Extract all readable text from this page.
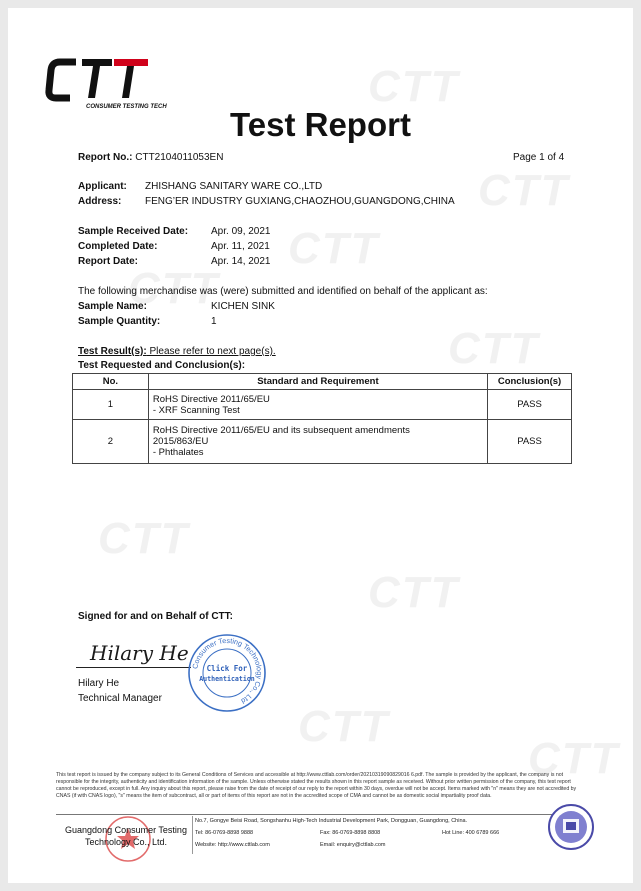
CTT
CTT
CTT
CTT
CTT
CTT
CTT
CTT
CTT
CONSUMER TESTING TECH	Test Report
Report No.: CTT2104011053EN	Page 1 of 4
Applicant: ZHISHANG SANITARY WARE CO.,LTD
Address: FENG’ER INDUSTRY GUXIANG,CHAOZHOU,GUANGDONG,CHINA
Sample Received Date: Apr. 09, 2021
Completed Date:	Apr. 11, 2021
Report Date:	Apr. 14, 2021
The following merchandise was (were) submitted and identified on behalf of the applicant as:
Sample Name:	KICHEN SINK
Sample Quantity:	1
Test Result(s): Please refer to next page(s).
Test Requested and Conclusion(s):
No.	Standard and Requirement	Conclusion(s)
1	RoHS Directive 2011/65/EU
- XRF Scanning Test	PASS
2	RoHS Directive 2011/65/EU and its subsequent amendments
2015/863/EU
- Phthalates	PASS
Signed for and on Behalf of CTT:
Hilary He
Consumer Testing Technology Co., Ltd
Click For
Authentication
Hilary He
Technical Manager
This test report is issued by the company subject to its General Conditions of Services and accessible at http://www.cttlab.com/order/20210319090829016 6.pdf. The sample is provided by the applicant, the company is not responsible for the integrity, authenticity and identification information of the sample. Unless otherwise stated the results shown in this report sample as received. Without prior written permission of the company, this test report cannot be reproduced, except in full. Any inquiry about this report, please raise from the date of receipt of our reply to the report within 30 days, overdue will not be accept. Items marked with "n" means they are not accredited by CNAS (if with CNAS logo), "s" means the item of subcontract, all or part of items of this report are not in the accredited scope of CMA and cannot be as domestic social impartiality proof data.
Guangdong Consumer Testing
Technology Co., Ltd.
No.7, Gongye Beisi Road, Songshanhu High-Tech Industrial Development Park, Dongguan, Guangdong, China.
Tel: 86-0769-8898 9888	Fax: 86-0769-8898 8808	Hot Line: 400 6789 666
Website: http://www.cttlab.com	Email: enquiry@cttlab.com
